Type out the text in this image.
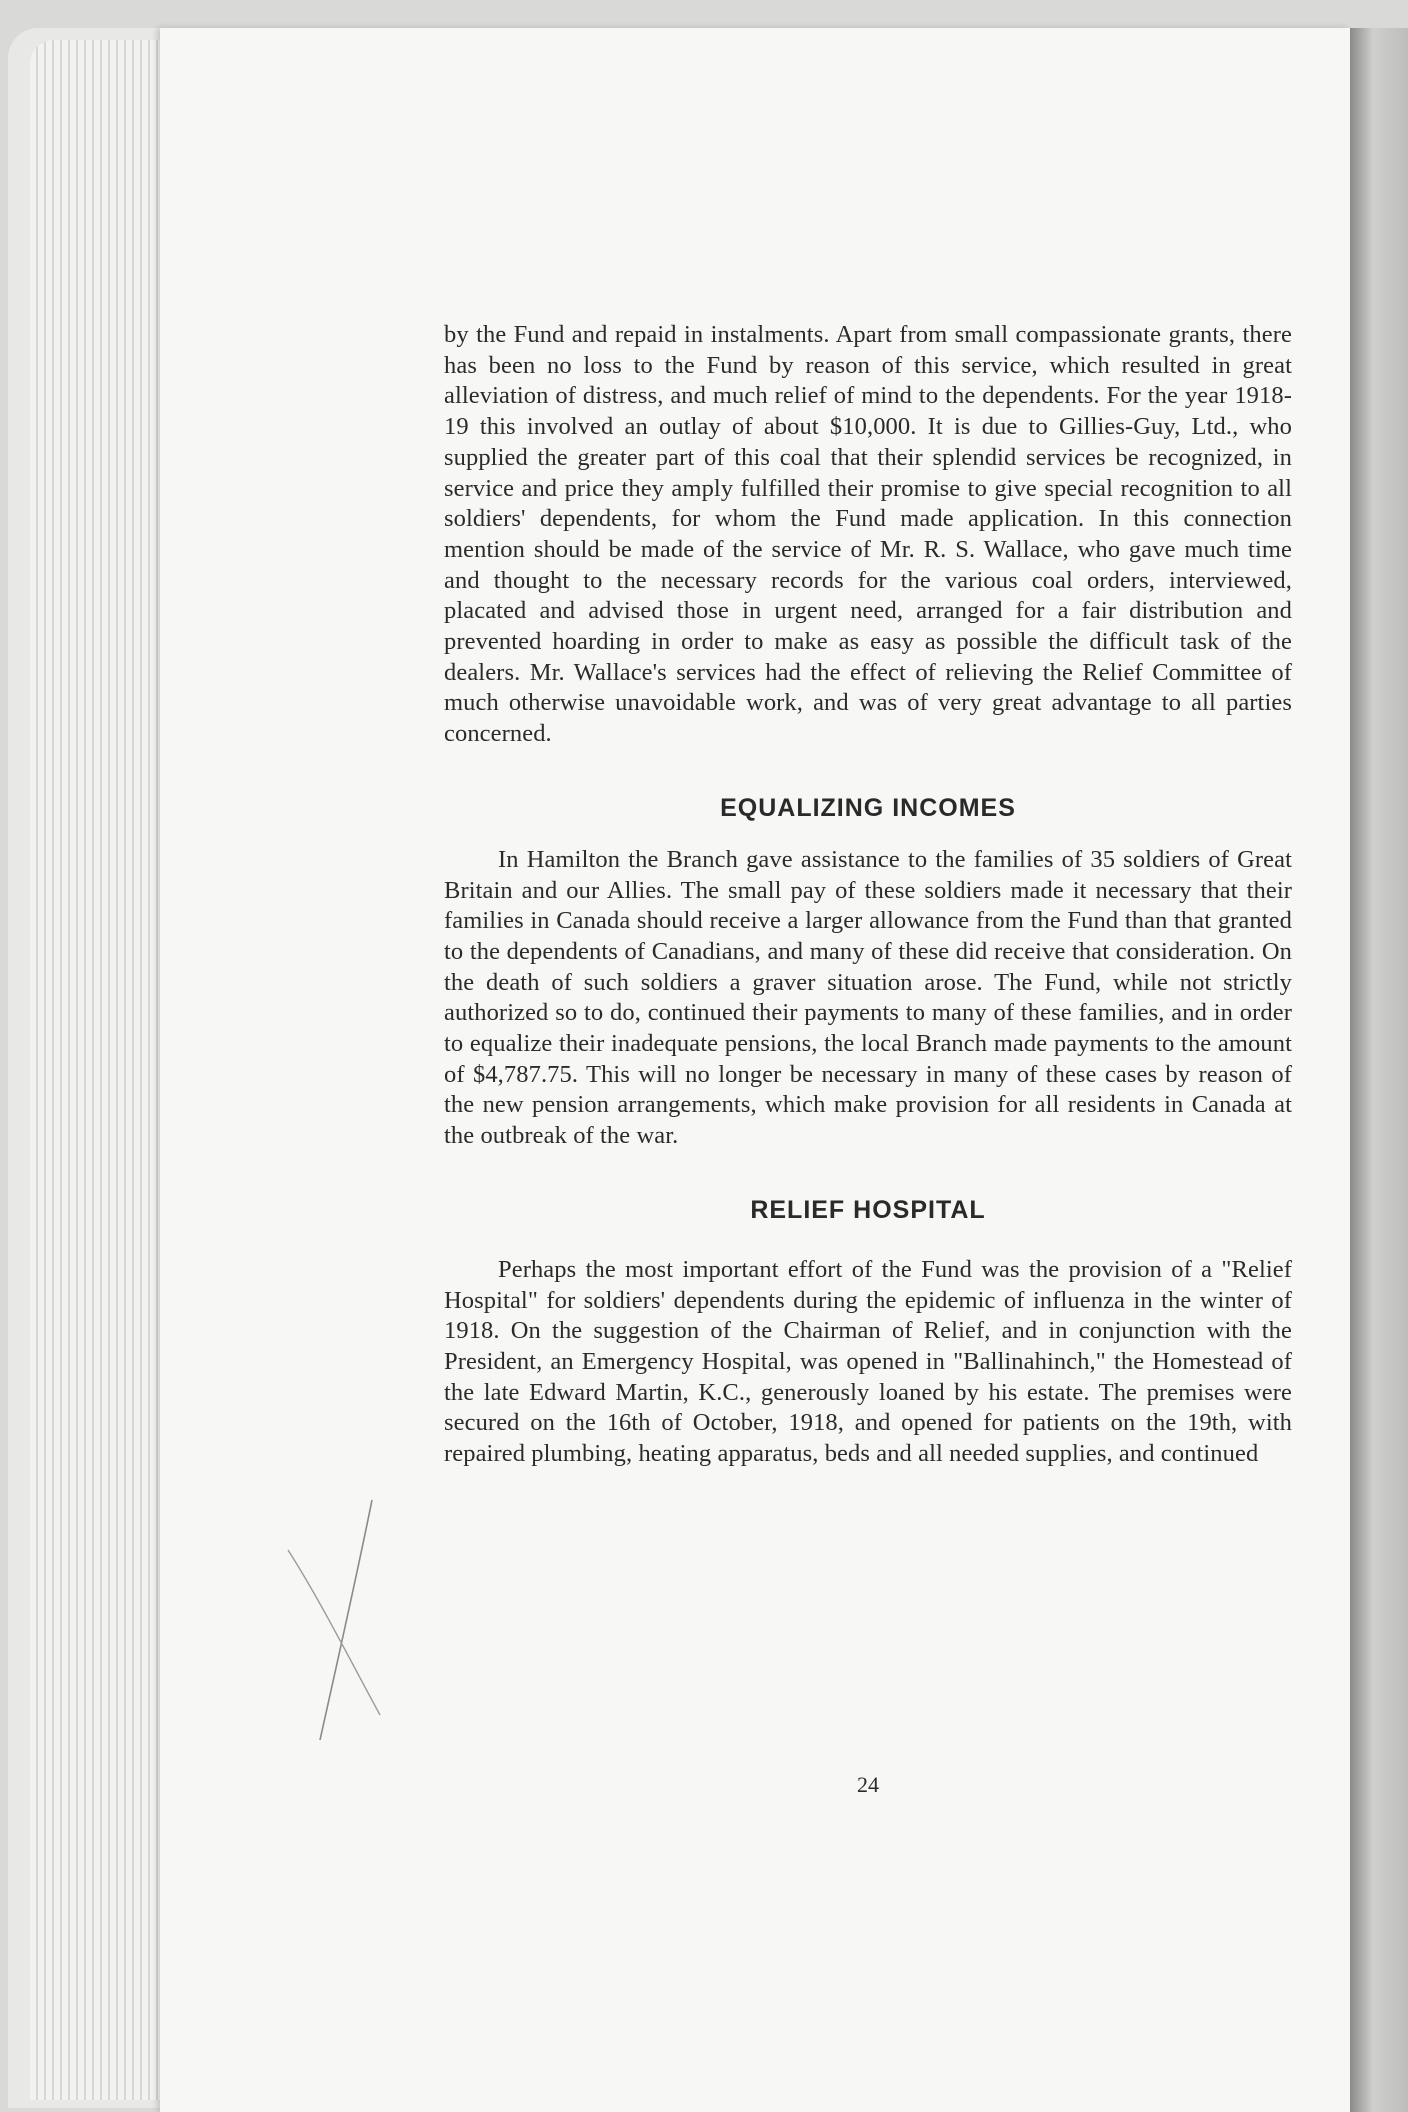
by the Fund and repaid in instalments. Apart from small compassionate grants, there has been no loss to the Fund by reason of this service, which resulted in great alleviation of distress, and much relief of mind to the dependents. For the year 1918-19 this involved an outlay of about $10,000. It is due to Gillies-Guy, Ltd., who supplied the greater part of this coal that their splendid services be recognized, in service and price they amply fulfilled their promise to give special recognition to all soldiers' dependents, for whom the Fund made application. In this connection mention should be made of the service of Mr. R. S. Wallace, who gave much time and thought to the necessary records for the various coal orders, interviewed, placated and advised those in urgent need, arranged for a fair distribution and prevented hoarding in order to make as easy as possible the difficult task of the dealers. Mr. Wallace's services had the effect of relieving the Relief Committee of much otherwise unavoidable work, and was of very great advantage to all parties concerned.

EQUALIZING INCOMES

In Hamilton the Branch gave assistance to the families of 35 soldiers of Great Britain and our Allies. The small pay of these soldiers made it necessary that their families in Canada should receive a larger allowance from the Fund than that granted to the dependents of Canadians, and many of these did receive that consideration. On the death of such soldiers a graver situation arose. The Fund, while not strictly authorized so to do, continued their payments to many of these families, and in order to equalize their inadequate pensions, the local Branch made payments to the amount of $4,787.75. This will no longer be necessary in many of these cases by reason of the new pension arrangements, which make provision for all residents in Canada at the outbreak of the war.

RELIEF HOSPITAL

Perhaps the most important effort of the Fund was the provision of a "Relief Hospital" for soldiers' dependents during the epidemic of influenza in the winter of 1918. On the suggestion of the Chairman of Relief, and in conjunction with the President, an Emergency Hospital, was opened in "Ballinahinch," the Homestead of the late Edward Martin, K.C., generously loaned by his estate. The premises were secured on the 16th of October, 1918, and opened for patients on the 19th, with repaired plumbing, heating apparatus, beds and all needed supplies, and continued

24
